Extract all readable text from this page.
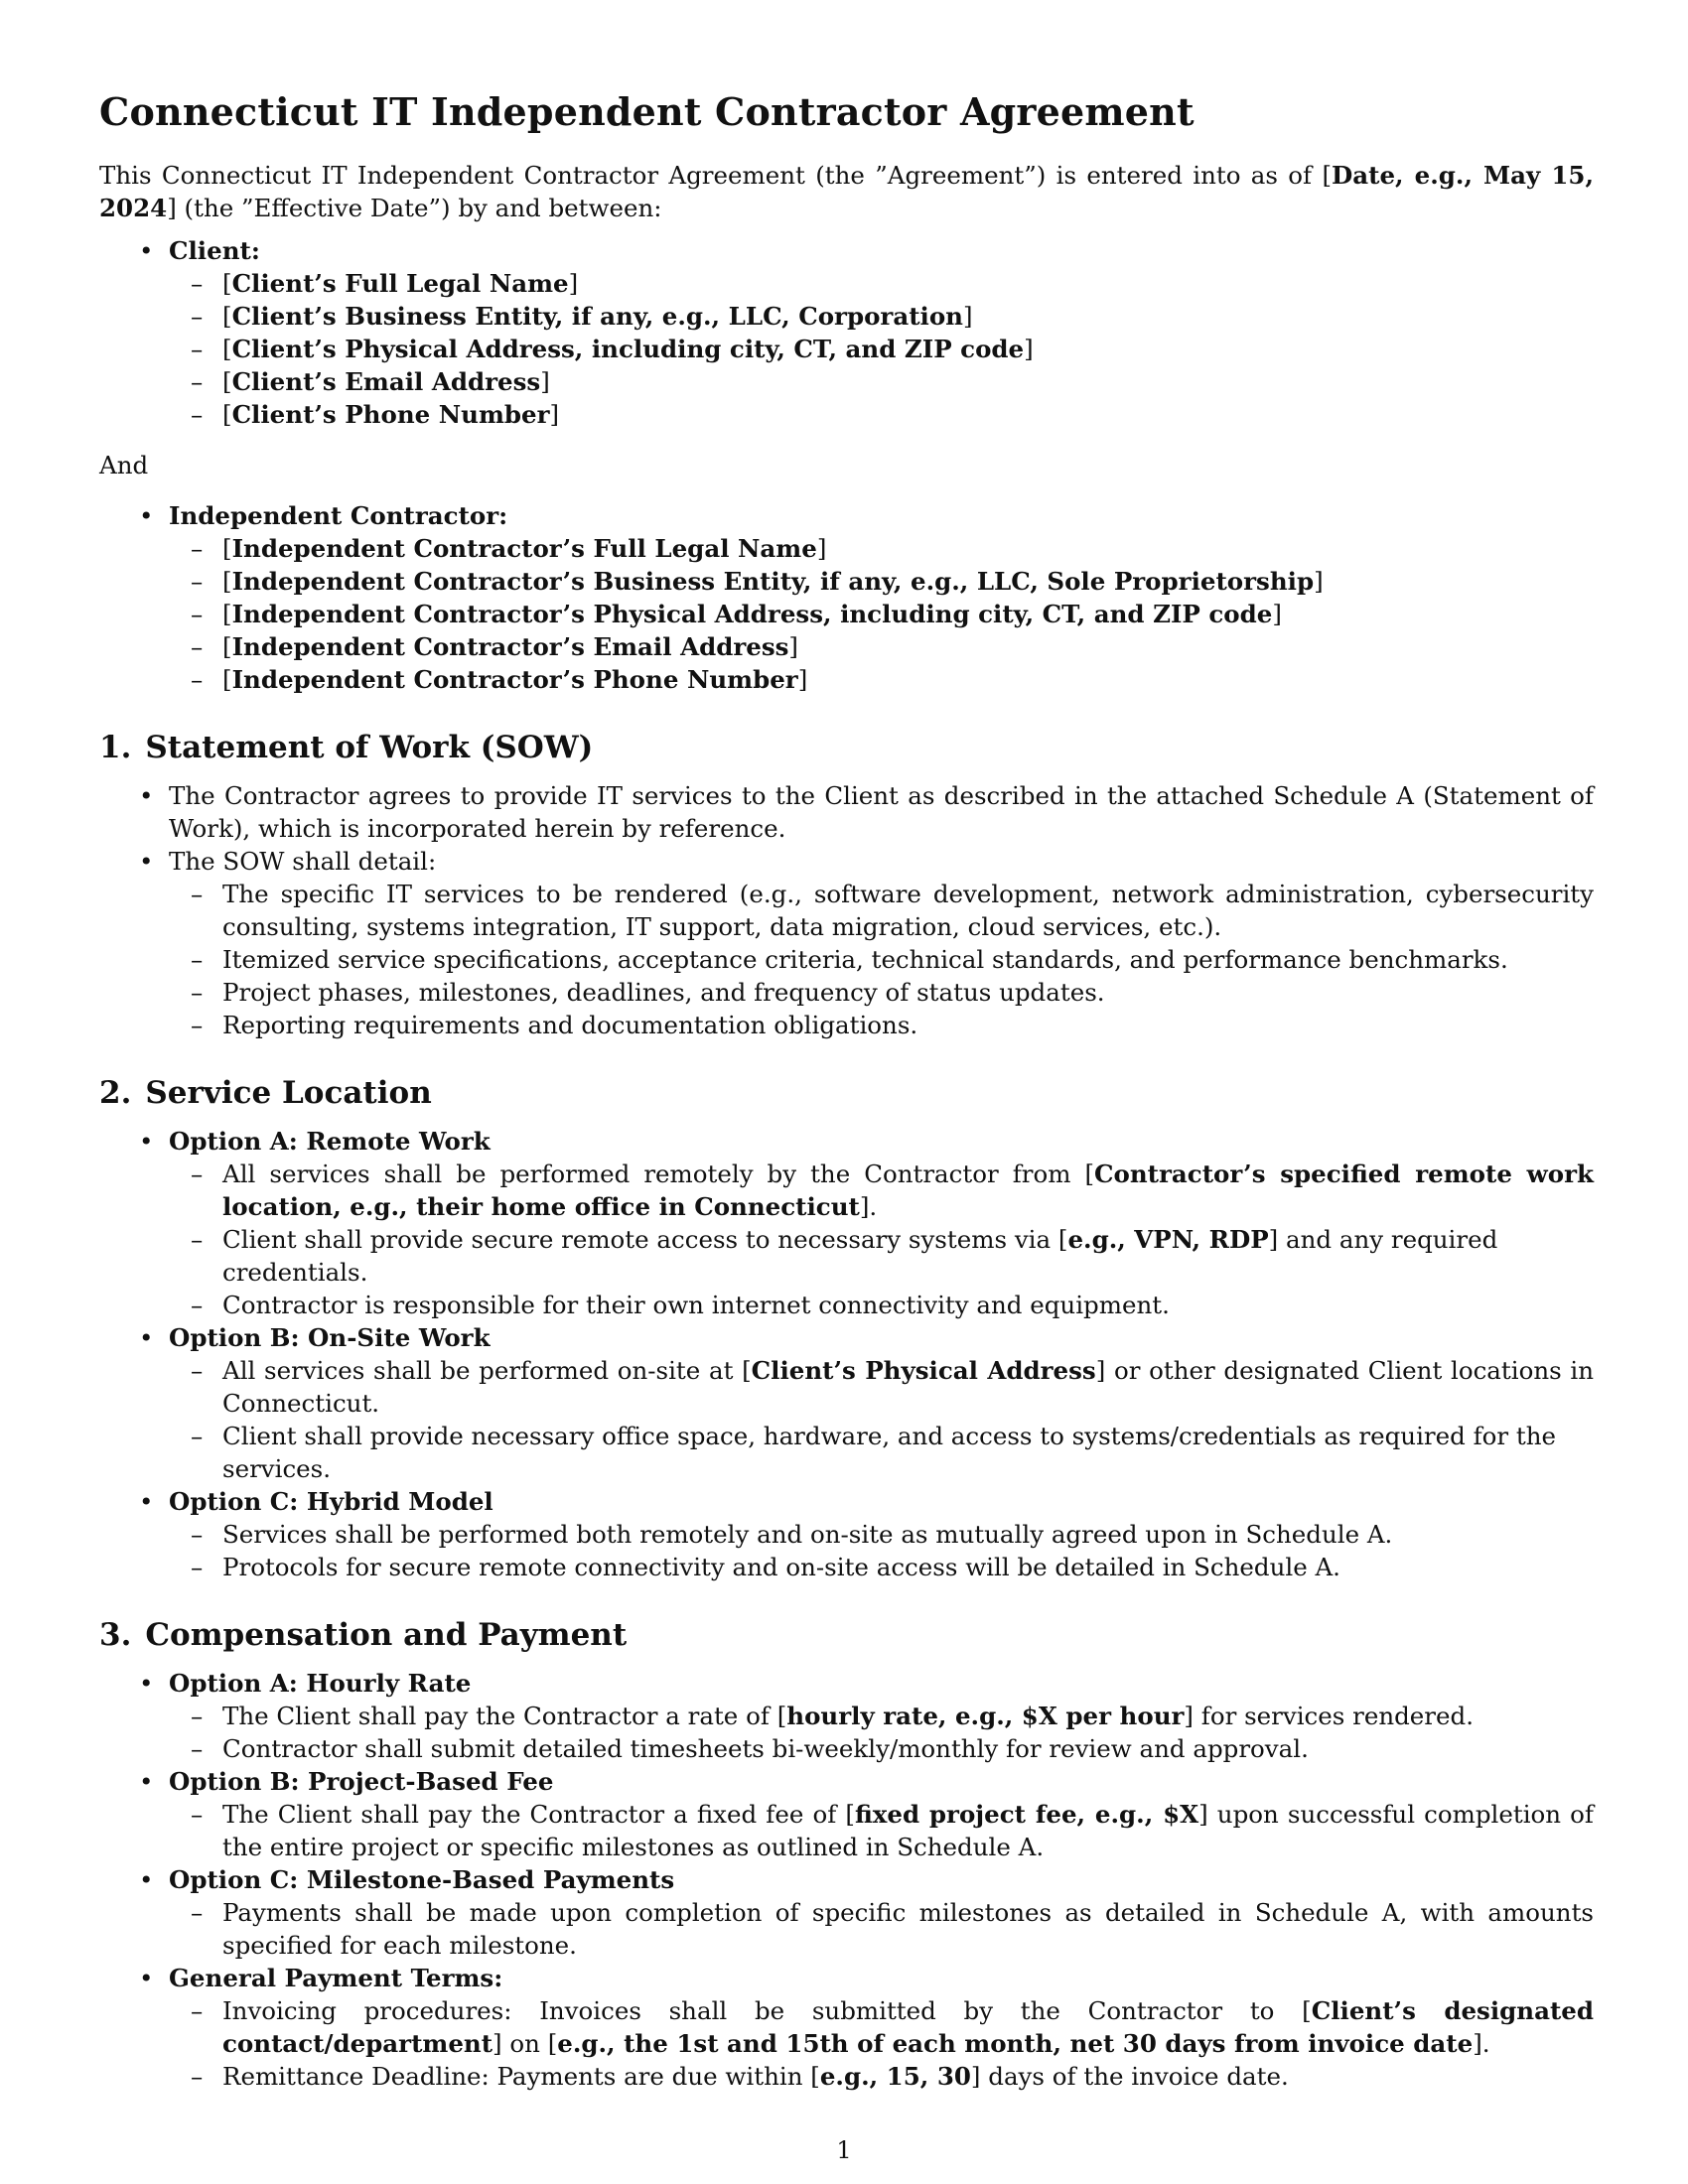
Connecticut IT Independent Contractor Agreement

This Connecticut IT Independent Contractor Agreement (the ”Agreement”) is entered into as of [Date, e.g., May 15, 2024] (the ”Effective Date”) by and between:

• Client:
– [Client’s Full Legal Name]
– [Client’s Business Entity, if any, e.g., LLC, Corporation]
– [Client’s Physical Address, including city, CT, and ZIP code]
– [Client’s Email Address]
– [Client’s Phone Number]

And

• Independent Contractor:
– [Independent Contractor’s Full Legal Name]
– [Independent Contractor’s Business Entity, if any, e.g., LLC, Sole Proprietorship]
– [Independent Contractor’s Physical Address, including city, CT, and ZIP code]
– [Independent Contractor’s Email Address]
– [Independent Contractor’s Phone Number]
1. Statement of Work (SOW)
• The Contractor agrees to provide IT services to the Client as described in the attached Schedule A (Statement of Work), which is incorporated herein by reference.
• The SOW shall detail:
– The specific IT services to be rendered (e.g., software development, network administration, cybersecurity consulting, systems integration, IT support, data migration, cloud services, etc.).
– Itemized service specifications, acceptance criteria, technical standards, and performance benchmarks.
– Project phases, milestones, deadlines, and frequency of status updates.
– Reporting requirements and documentation obligations.
2. Service Location
• Option A: Remote Work
– All services shall be performed remotely by the Contractor from [Contractor’s specified remote work location, e.g., their home office in Connecticut].
– Client shall provide secure remote access to necessary systems via [e.g., VPN, RDP] and any required credentials.
– Contractor is responsible for their own internet connectivity and equipment.
• Option B: On-Site Work
– All services shall be performed on-site at [Client’s Physical Address] or other designated Client locations in Connecticut.
– Client shall provide necessary office space, hardware, and access to systems/credentials as required for the services.
• Option C: Hybrid Model
– Services shall be performed both remotely and on-site as mutually agreed upon in Schedule A.
– Protocols for secure remote connectivity and on-site access will be detailed in Schedule A.
3. Compensation and Payment
• Option A: Hourly Rate
– The Client shall pay the Contractor a rate of [hourly rate, e.g., $X per hour] for services rendered.
– Contractor shall submit detailed timesheets bi-weekly/monthly for review and approval.
• Option B: Project-Based Fee
– The Client shall pay the Contractor a fixed fee of [fixed project fee, e.g., $X] upon successful completion of the entire project or specific milestones as outlined in Schedule A.
• Option C: Milestone-Based Payments
– Payments shall be made upon completion of specific milestones as detailed in Schedule A, with amounts specified for each milestone.
• General Payment Terms:
– Invoicing procedures: Invoices shall be submitted by the Contractor to [Client’s designated contact/department] on [e.g., the 1st and 15th of each month, net 30 days from invoice date].
– Remittance Deadline: Payments are due within [e.g., 15, 30] days of the invoice date.
1
